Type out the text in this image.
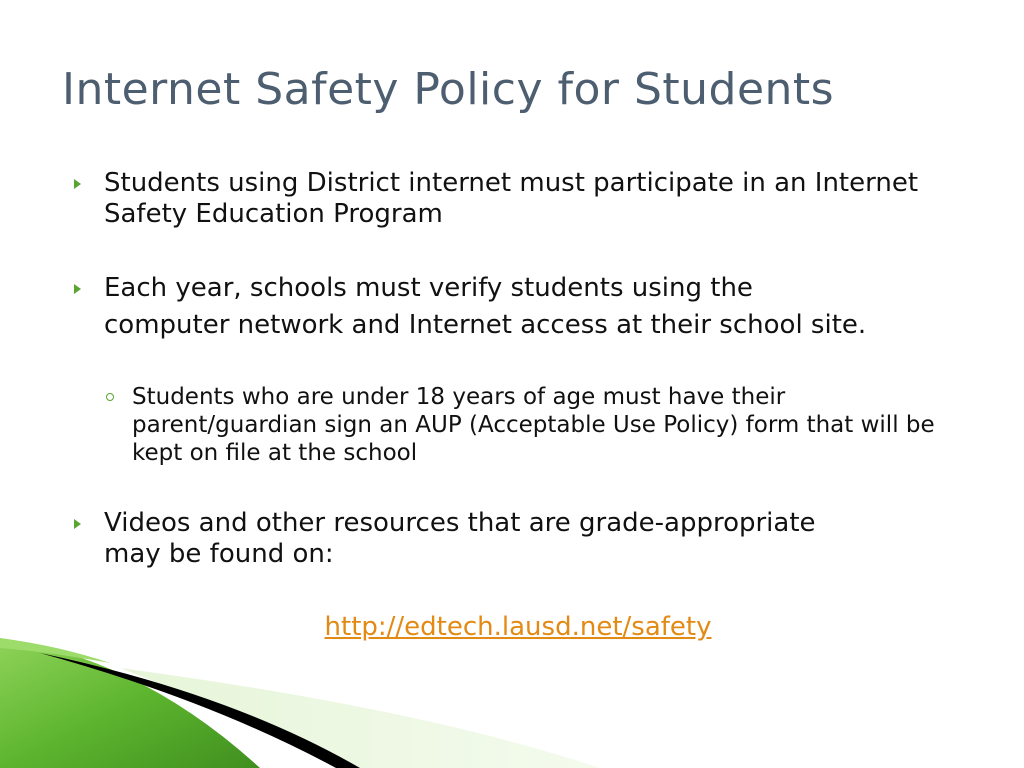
Internet Safety Policy for Students
Students using District internet must participate in an Internet Safety Education Program
Each year, schools must verify students using the
computer network and Internet access at their school site.
Students who are under 18 years of age must have their parent/guardian sign an AUP (Acceptable Use Policy) form that will be kept on file at the school
Videos and other resources that are grade-appropriate may be found on:
http://edtech.lausd.net/safety
